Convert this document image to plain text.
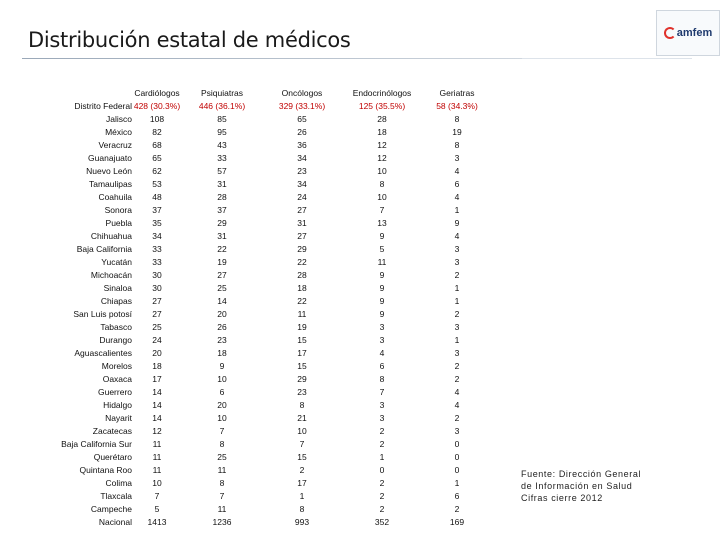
Distribución estatal de médicos	amfem
	Cardiólogos	Psiquiatras	Oncólogos	Endocrinólogos	Geriatras
Distrito Federal	428 (30.3%)	446 (36.1%)	329 (33.1%)	125 (35.5%)	58 (34.3%)
Jalisco	108	85	65	28	8
México	82	95	26	18	19
Veracruz	68	43	36	12	8
Guanajuato	65	33	34	12	3
Nuevo León	62	57	23	10	4
Tamaulipas	53	31	34	8	6
Coahuila	48	28	24	10	4
Sonora	37	37	27	7	1
Puebla	35	29	31	13	9
Chihuahua	34	31	27	9	4
Baja California	33	22	29	5	3
Yucatán	33	19	22	11	3
Michoacán	30	27	28	9	2
Sinaloa	30	25	18	9	1
Chiapas	27	14	22	9	1
San Luis potosí	27	20	11	9	2
Tabasco	25	26	19	3	3
Durango	24	23	15	3	1
Aguascalientes	20	18	17	4	3
Morelos	18	9	15	6	2
Oaxaca	17	10	29	8	2
Guerrero	14	6	23	7	4
Hidalgo	14	20	8	3	4
Nayarit	14	10	21	3	2
Zacatecas	12	7	10	2	3
Baja California Sur	11	8	7	2	0
Querétaro	11	25	15	1	0
Quintana Roo	11	11	2	0	0
Colima	10	8	17	2	1
Tlaxcala	7	7	1	2	6
Campeche	5	11	8	2	2
Nacional	1413	1236	993	352	169
Fuente: Dirección General
de Información en Salud
Cifras cierre 2012
